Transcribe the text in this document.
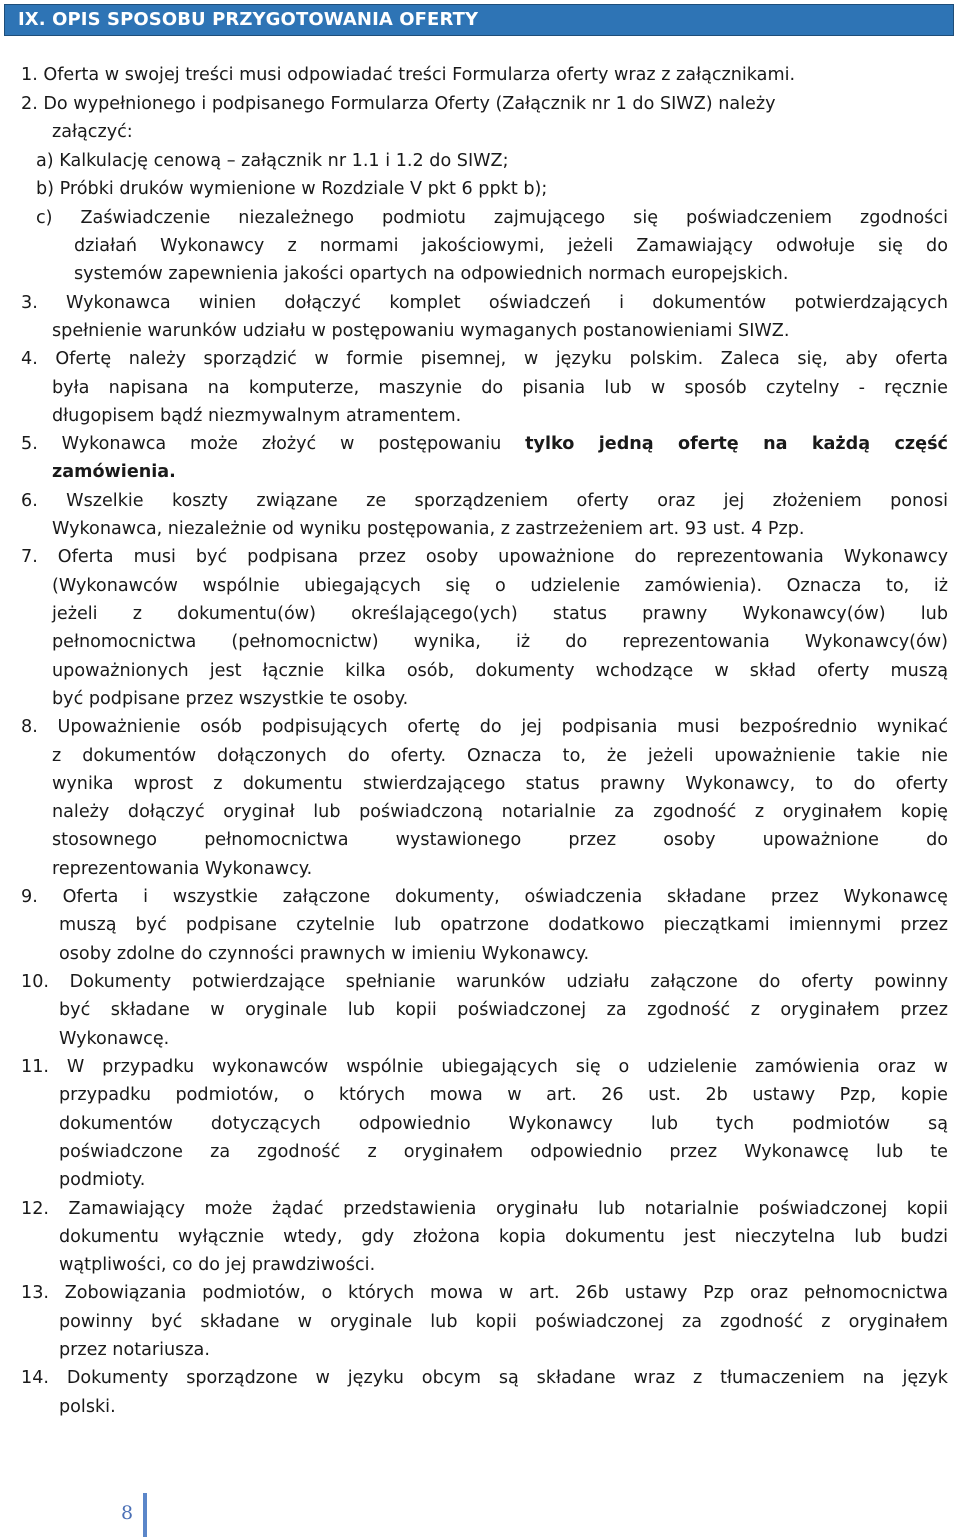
IX. OPIS SPOSOBU PRZYGOTOWANIA OFERTY
1. Oferta w swojej treści musi odpowiadać treści Formularza oferty wraz z załącznikami.
2. Do wypełnionego i podpisanego Formularza Oferty (Załącznik nr 1 do SIWZ) należy
załączyć:
a) Kalkulację cenową – załącznik nr 1.1 i 1.2 do SIWZ;
b) Próbki druków wymienione w Rozdziale V pkt 6 ppkt b);
c) Zaświadczenie niezależnego podmiotu zajmującego się poświadczeniem zgodności
działań Wykonawcy z normami jakościowymi, jeżeli Zamawiający odwołuje się do
systemów zapewnienia jakości opartych na odpowiednich normach europejskich.
3. Wykonawca winien dołączyć komplet oświadczeń i dokumentów potwierdzających
spełnienie warunków udziału w postępowaniu wymaganych postanowieniami SIWZ.
4. Ofertę należy sporządzić w formie pisemnej, w języku polskim. Zaleca się, aby oferta
była napisana na komputerze, maszynie do pisania lub w sposób czytelny - ręcznie
długopisem bądź niezmywalnym atramentem.
5. Wykonawca może złożyć w postępowaniu tylko jedną ofertę na każdą część
zamówienia.
6. Wszelkie koszty związane ze sporządzeniem oferty oraz jej złożeniem ponosi
Wykonawca, niezależnie od wyniku postępowania, z zastrzeżeniem art. 93 ust. 4 Pzp.
7. Oferta musi być podpisana przez osoby upoważnione do reprezentowania Wykonawcy
(Wykonawców wspólnie ubiegających się o udzielenie zamówienia). Oznacza to, iż
jeżeli z dokumentu(ów) określającego(ych) status prawny Wykonawcy(ów) lub
pełnomocnictwa (pełnomocnictw) wynika, iż do reprezentowania Wykonawcy(ów)
upoważnionych jest łącznie kilka osób, dokumenty wchodzące w skład oferty muszą
być podpisane przez wszystkie te osoby.
8. Upoważnienie osób podpisujących ofertę do jej podpisania musi bezpośrednio wynikać
z dokumentów dołączonych do oferty. Oznacza to, że jeżeli upoważnienie takie nie
wynika wprost z dokumentu stwierdzającego status prawny Wykonawcy, to do oferty
należy dołączyć oryginał lub poświadczoną notarialnie za zgodność z oryginałem kopię
stosownego pełnomocnictwa wystawionego przez osoby upoważnione do
reprezentowania Wykonawcy.
9. Oferta i wszystkie załączone dokumenty, oświadczenia składane przez Wykonawcę
muszą być podpisane czytelnie lub opatrzone dodatkowo pieczątkami imiennymi przez
osoby zdolne do czynności prawnych w imieniu Wykonawcy.
10. Dokumenty potwierdzające spełnianie warunków udziału załączone do oferty powinny
być składane w oryginale lub kopii poświadczonej za zgodność z oryginałem przez
Wykonawcę.
11. W przypadku wykonawców wspólnie ubiegających się o udzielenie zamówienia oraz w
przypadku podmiotów, o których mowa w art. 26 ust. 2b ustawy Pzp, kopie
dokumentów dotyczących odpowiednio Wykonawcy lub tych podmiotów są
poświadczone za zgodność z oryginałem odpowiednio przez Wykonawcę lub te
podmioty.
12. Zamawiający może żądać przedstawienia oryginału lub notarialnie poświadczonej kopii
dokumentu wyłącznie wtedy, gdy złożona kopia dokumentu jest nieczytelna lub budzi
wątpliwości, co do jej prawdziwości.
13. Zobowiązania podmiotów, o których mowa w art. 26b ustawy Pzp oraz pełnomocnictwa
powinny być składane w oryginale lub kopii poświadczonej za zgodność z oryginałem
przez notariusza.
14. Dokumenty sporządzone w języku obcym są składane wraz z tłumaczeniem na język
polski.
8
